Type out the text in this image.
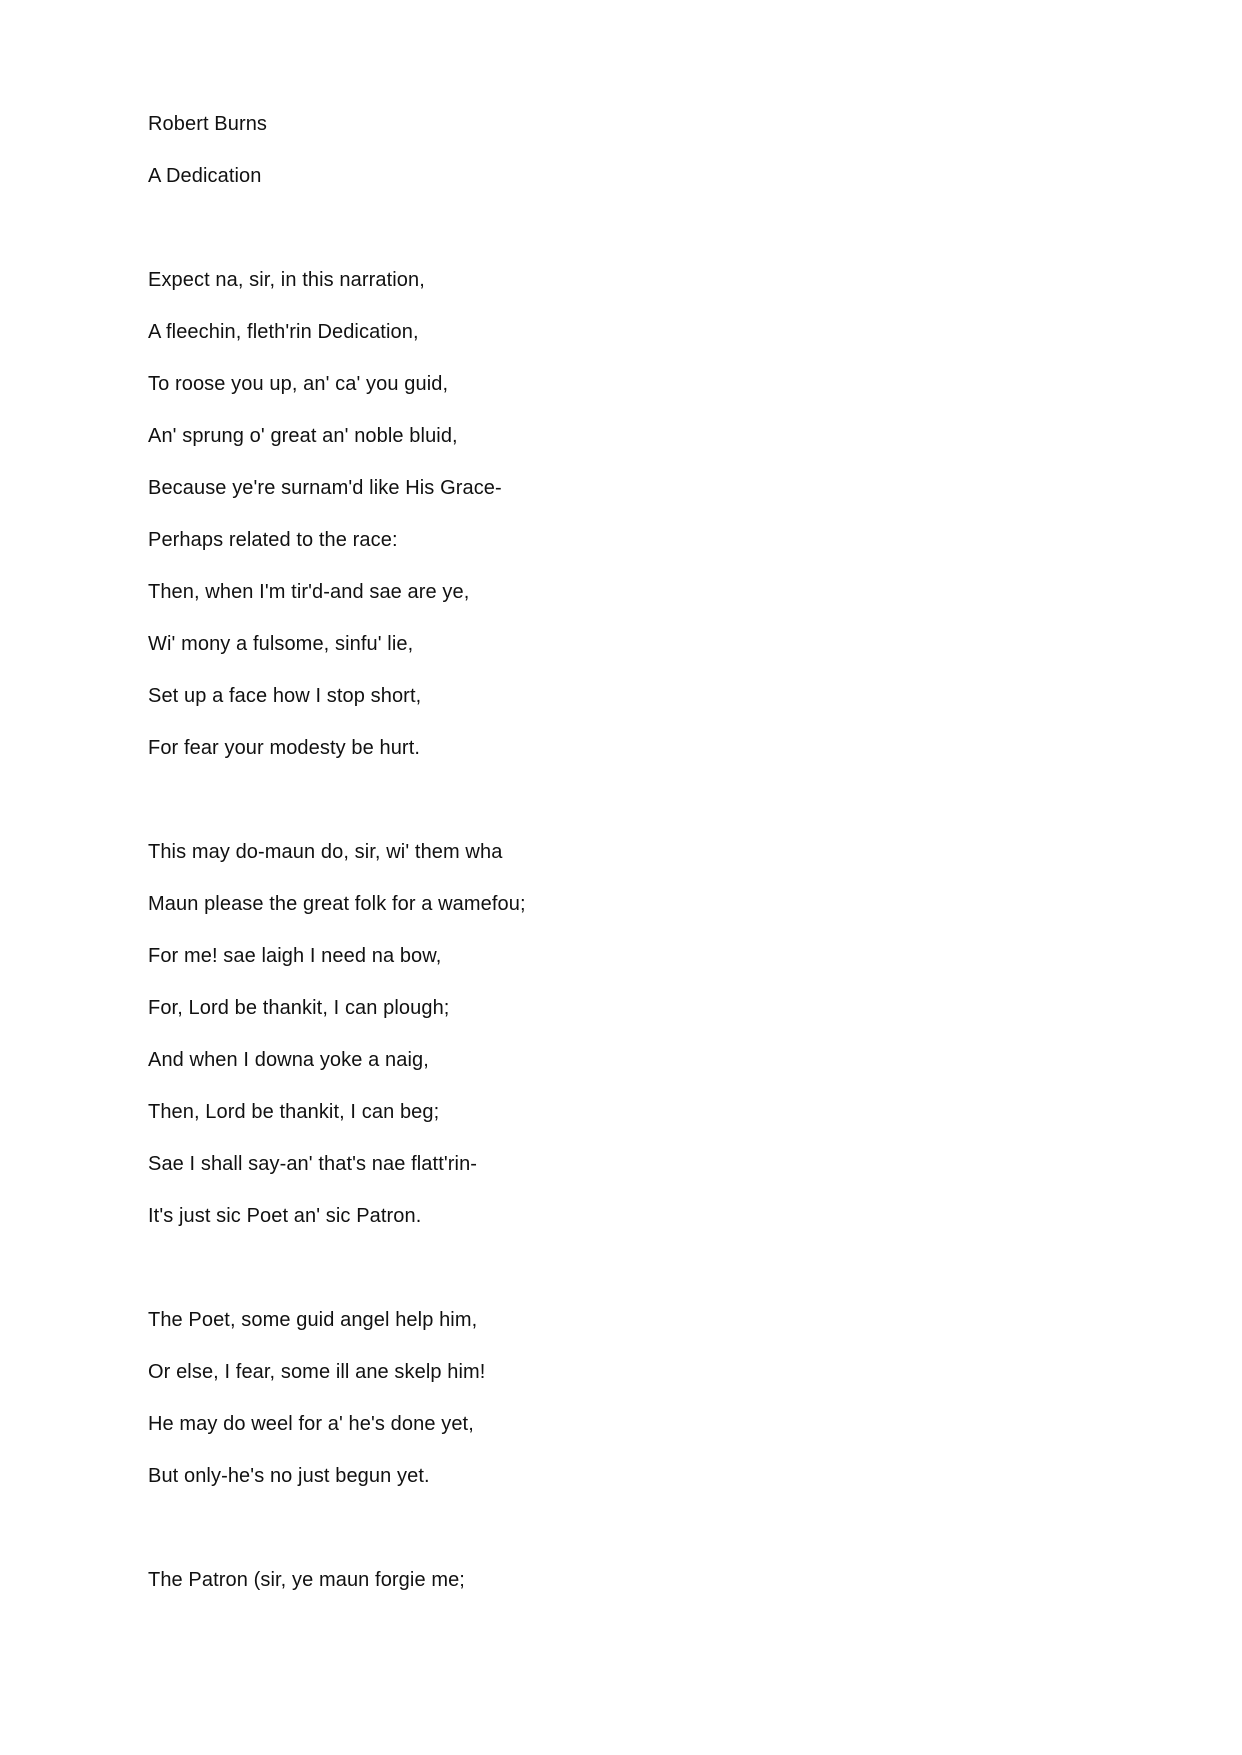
Robert Burns
A Dedication
Expect na, sir, in this narration,
A fleechin, fleth'rin Dedication,
To roose you up, an' ca' you guid,
An' sprung o' great an' noble bluid,
Because ye're surnam'd like His Grace-
Perhaps related to the race:
Then, when I'm tir'd-and sae are ye,
Wi' mony a fulsome, sinfu' lie,
Set up a face how I stop short,
For fear your modesty be hurt.
This may do-maun do, sir, wi' them wha
Maun please the great folk for a wamefou;
For me! sae laigh I need na bow,
For, Lord be thankit, I can plough;
And when I downa yoke a naig,
Then, Lord be thankit, I can beg;
Sae I shall say-an' that's nae flatt'rin-
It's just sic Poet an' sic Patron.
The Poet, some guid angel help him,
Or else, I fear, some ill ane skelp him!
He may do weel for a' he's done yet,
But only-he's no just begun yet.
The Patron (sir, ye maun forgie me;
